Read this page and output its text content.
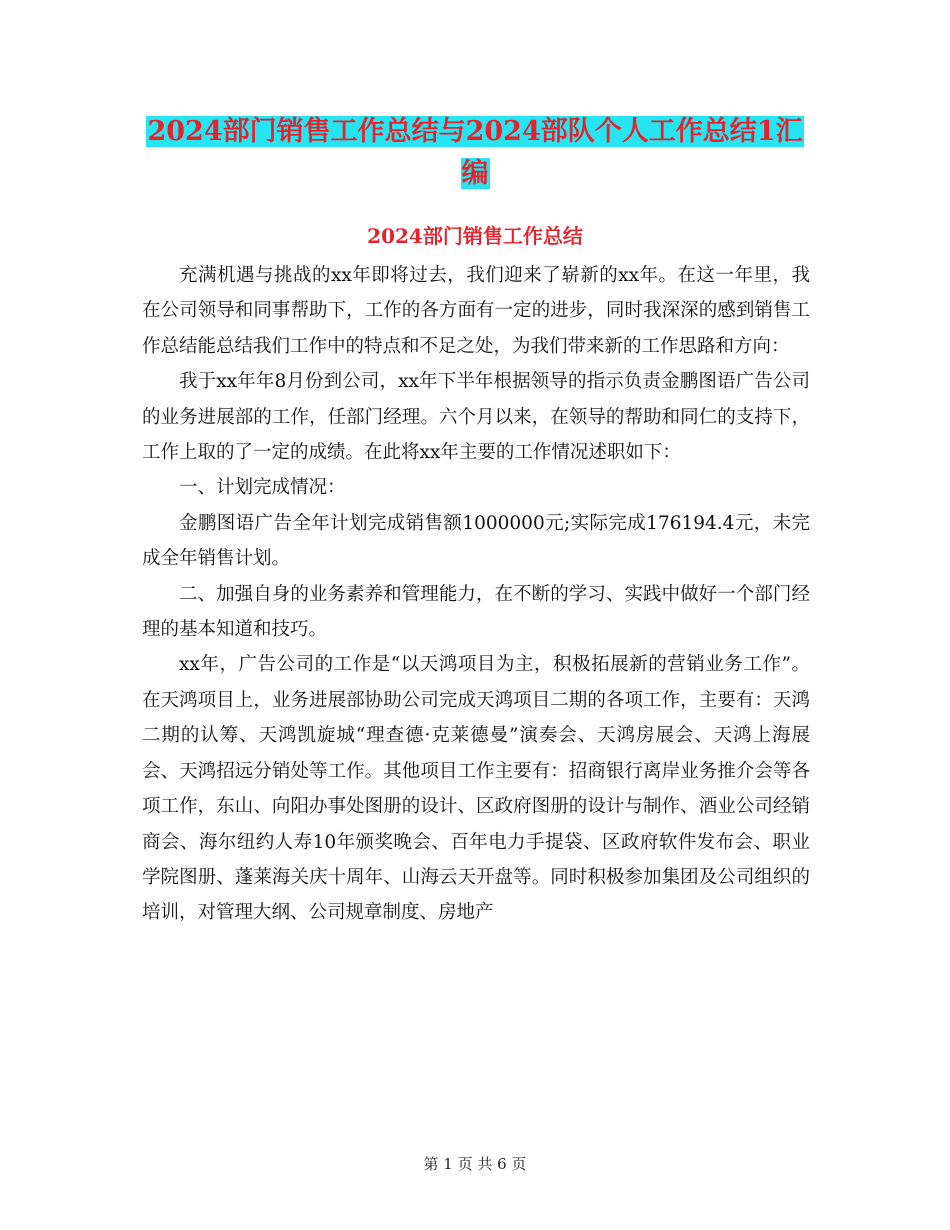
2024部门销售工作总结与2024部队个人工作总结1汇
编
2024部门销售工作总结

充满机遇与挑战的xx年即将过去，我们迎来了崭新的xx年。在这一年里，我在公司领导和同事帮助下，工作的各方面有一定的进步，同时我深深的感到销售工作总结能总结我们工作中的特点和不足之处，为我们带来新的工作思路和方向：

我于xx年年8月份到公司，xx年下半年根据领导的指示负责金鹏图语广告公司的业务进展部的工作，任部门经理。六个月以来，在领导的帮助和同仁的支持下，工作上取的了一定的成绩。在此将xx年主要的工作情况述职如下：

一、计划完成情况：

金鹏图语广告全年计划完成销售额1000000元;实际完成176194.4元，未完成全年销售计划。

二、加强自身的业务素养和管理能力，在不断的学习、实践中做好一个部门经理的基本知道和技巧。

xx年，广告公司的工作是“以天鸿项目为主，积极拓展新的营销业务工作”。在天鸿项目上，业务进展部协助公司完成天鸿项目二期的各项工作，主要有：天鸿二期的认筹、天鸿凯旋城“理查德·克莱德曼”演奏会、天鸿房展会、天鸿上海展会、天鸿招远分销处等工作。其他项目工作主要有：招商银行离岸业务推介会等各项工作，东山、向阳办事处图册的设计、区政府图册的设计与制作、酒业公司经销商会、海尔纽约人寿10年颁奖晚会、百年电力手提袋、区政府软件发布会、职业学院图册、蓬莱海关庆十周年、山海云天开盘等。同时积极参加集团及公司组织的培训，对管理大纲、公司规章制度、房地产

第 1 页 共 6 页
